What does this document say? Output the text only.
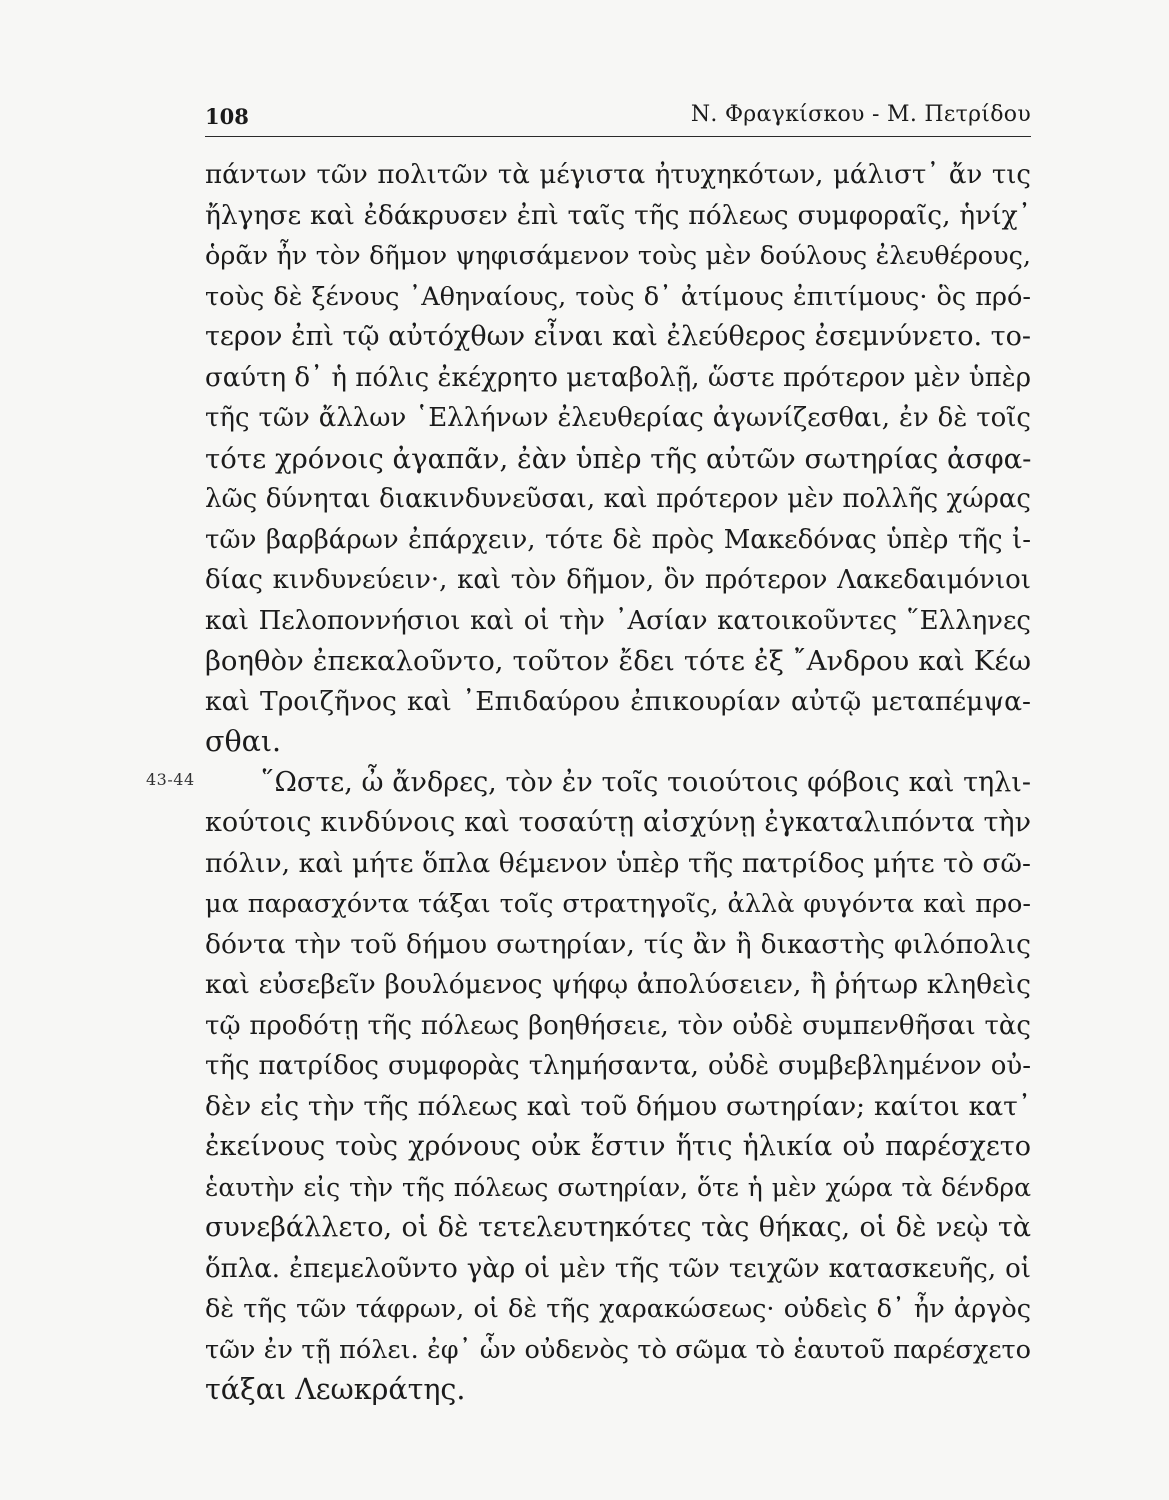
108	Ν. Φραγκίσκου - Μ. Πετρίδου
43-44
πάντων τῶν πολιτῶν τὰ μέγιστα ἠτυχηκότων, μάλιστ᾽ ἄν τις
ἤλγησε καὶ ἐδάκρυσεν ἐπὶ ταῖς τῆς πόλεως συμφοραῖς, ἡνίχ᾽
ὁρᾶν ἦν τὸν δῆμον ψηφισάμενον τοὺς μὲν δούλους ἐλευθέρους,
τοὺς δὲ ξένους ᾽Αθηναίους, τοὺς δ᾽ ἀτίμους ἐπιτίμους· ὃς πρό-
τερον ἐπὶ τῷ αὐτόχθων εἶναι καὶ ἐλεύθερος ἐσεμνύνετο. το-
σαύτη δ᾽ ἡ πόλις ἐκέχρητο μεταβολῇ, ὥστε πρότερον μὲν ὑπὲρ
τῆς τῶν ἄλλων ῾Ελλήνων ἐλευθερίας ἀγωνίζεσθαι, ἐν δὲ τοῖς
τότε χρόνοις ἀγαπᾶν, ἐὰν ὑπὲρ τῆς αὐτῶν σωτηρίας ἀσφα-
λῶς δύνηται διακινδυνεῦσαι, καὶ πρότερον μὲν πολλῆς χώρας
τῶν βαρβάρων ἐπάρχειν, τότε δὲ πρὸς Μακεδόνας ὑπὲρ τῆς ἰ-
δίας κινδυνεύειν·, καὶ τὸν δῆμον, ὃν πρότερον Λακεδαιμόνιοι
καὶ Πελοποννήσιοι καὶ οἱ τὴν ᾽Ασίαν κατοικοῦντες ῞Ελληνες
βοηθὸν ἐπεκαλοῦντο, τοῦτον ἔδει τότε ἐξ ῎Ανδρου καὶ Κέω
καὶ Τροιζῆνος καὶ ᾽Επιδαύρου ἐπικουρίαν αὐτῷ μεταπέμψα-
σθαι.
῞Ωστε, ὦ ἄνδρες, τὸν ἐν τοῖς τοιούτοις φόβοις καὶ τηλι-
κούτοις κινδύνοις καὶ τοσαύτῃ αἰσχύνῃ ἐγκαταλιπόντα τὴν
πόλιν, καὶ μήτε ὅπλα θέμενον ὑπὲρ τῆς πατρίδος μήτε τὸ σῶ-
μα παρασχόντα τάξαι τοῖς στρατηγοῖς, ἀλλὰ φυγόντα καὶ προ-
δόντα τὴν τοῦ δήμου σωτηρίαν, τίς ἂν ἢ δικαστὴς φιλόπολις
καὶ εὐσεβεῖν βουλόμενος ψήφῳ ἀπολύσειεν, ἢ ῥήτωρ κληθεὶς
τῷ προδότῃ τῆς πόλεως βοηθήσειε, τὸν οὐδὲ συμπενθῆσαι τὰς
τῆς πατρίδος συμφορὰς τλημήσαντα, οὐδὲ συμβεβλημένον οὐ-
δὲν εἰς τὴν τῆς πόλεως καὶ τοῦ δήμου σωτηρίαν; καίτοι κατ᾽
ἐκείνους τοὺς χρόνους οὐκ ἔστιν ἥτις ἡλικία οὐ παρέσχετο
ἑαυτὴν εἰς τὴν τῆς πόλεως σωτηρίαν, ὅτε ἡ μὲν χώρα τὰ δένδρα
συνεβάλλετο, οἱ δὲ τετελευτηκότες τὰς θήκας, οἱ δὲ νεῲ τὰ
ὅπλα. ἐπεμελοῦντο γὰρ οἱ μὲν τῆς τῶν τειχῶν κατασκευῆς, οἱ
δὲ τῆς τῶν τάφρων, οἱ δὲ τῆς χαρακώσεως· οὐδεὶς δ᾽ ἦν ἀργὸς
τῶν ἐν τῇ πόλει. ἐφ᾽ ὧν οὐδενὸς τὸ σῶμα τὸ ἑαυτοῦ παρέσχετο
τάξαι Λεωκράτης.
